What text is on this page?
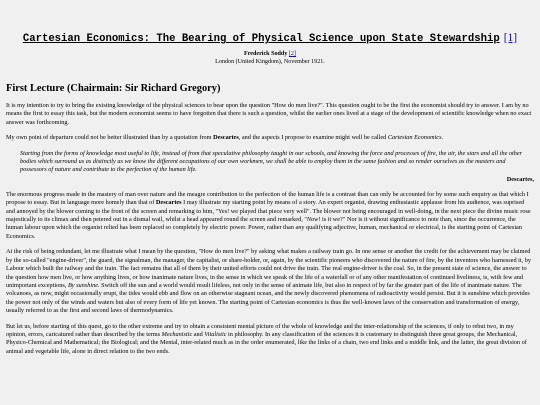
Cartesian Economics: The Bearing of Physical Science upon State Stewardship [1]
Frederick Soddy [2]
London (United Kingdom), November 1921.
First Lecture (Chairmain: Sir Richard Gregory)

It is my intention to try to bring the existing knowledge of the physical sciences to bear upon the question "How do men live?". This question ought to be the first the economist should try to answer. I am by no means the first to essay this task, but the modern economist seems to have forgotten that there is such a question, whilst the earlier ones lived at a stage of the development of scientific knowledge when no exact answer was forthcoming.

My own point of departure could not be better illustrated than by a quotation from Descartes, and the aspects I propose to examine might well be called Cartesian Economics.

Starting from the forms of knowledge most useful to life, instead of from that speculative philosophy taught in our schools, and knowing the force and processes of fire, the air, the stars and all the other bodies which surround us as distinctly as we know the different occupations of our own workmen, we shall be able to employ them in the same fashion and so render ourselves as the masters and possessors of nature and contribute to the perfection of the human life.
Descartes,

The enormous progress made in the mastery of man over nature and the meagre contribution to the perfection of the human life is a contrast than can only be accounted for by some such enquiry as that which I propose to essay. But in language more homely than that of Descartes I may illustrate my starting point by means of a story. An expert organist, drawing enthusiastic applause from his audience, was suprised and annoyed by the blower coming to the front of the screen and remarking to him, "Yes! we played that piece very well". The blower not being encouraged in well-doing, in the next piece the divine music rose majestically to its climax and then petered out in a dismal wail, whilst a head appeared round the screen and remarked, "Now! is it we?" Nor is it without significance to note than, since the occurrence, the human labour upon which the organist relied has been replaced so completely by electric power. Power, rather than any qualifying adjective, human, mechanical or electrical, is the starting point of Cartesian Economics.

At the risk of being redundant, let me illustrate what I mean by the question, "How do men live?" by asking what makes a railway train go. In one sense or another the credit for the achievement may be claimed by the so-called "engine-driver", the guard, the signalman, the manager, the capitalist, or share-holder, or, again, by the scientific pioneers who discovered the nature of fire, by the inventors who harnessed it, by Labour which built the railway and the train. The fact remains that all of them by their united efforts could not drive the train. The real engine-driver is the coal. So, in the present state of science, the answer to the question how men live, or how anything lives, or how inanimate nature lives, in the sense in which we speak of the life of a waterfall or of any other manifestation of continued liveliness, is, with few and unimportant exceptions, By sunshine. Switch off the sun and a world would result lifeless, not only in the sense of animate life, but also in respect of by far the greater part of the life of inanimate nature. The volcanoes, as now, might occasionally erupt, the tides would ebb and flow on an otherwise stagnant ocean, and the newly discovered phenomena of radioactivity would persist. But it is sunshine which provides the power not only of the winds and waters but also of every form of life yet known. The starting point of Cartesian economics is thus the well-known laws of the conservation and transformation of energy, usually referred to as the first and second laws of thermodynamics.

But let us, before starting of this quest, go to the other extreme and try to obtain a consistent mental picture of the whole of knowledge and the inter-relationship of the sciences, if only to rebut two, in my opinion, errors, caricatured rather than described by the terms Mechanistic and Vitalistic in philosophy. In any classification of the sciences it is customary to distinguish three great groups, the Mechanical, Physico-Chemical and Mathematical; the Biological; and the Mental, inter-related much as in the order enumerated, like the links of a chain, two end links and a middle link, and the latter, the great division of animal and vegetable life, alone in direct relation to the two ends.
